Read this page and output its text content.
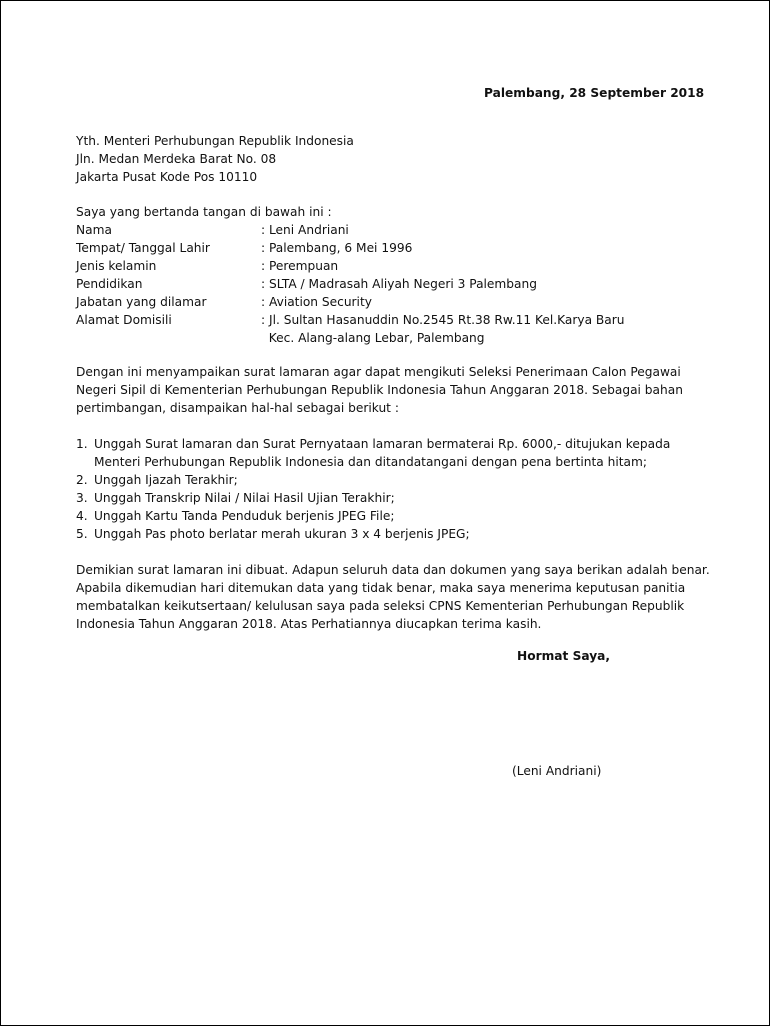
Palembang, 28 September 2018
Yth. Menteri Perhubungan Republik Indonesia
Jln. Medan Merdeka Barat No. 08
Jakarta Pusat Kode Pos 10110
Saya yang bertanda tangan di bawah ini :
Nama	: Leni Andriani
Tempat/ Tanggal Lahir	: Palembang, 6 Mei 1996
Jenis kelamin	: Perempuan
Pendidikan	: SLTA / Madrasah Aliyah Negeri 3 Palembang
Jabatan yang dilamar	: Aviation Security
Alamat Domisili	: Jl. Sultan Hasanuddin No.2545 Rt.38 Rw.11 Kel.Karya Baru
Kec. Alang-alang Lebar, Palembang
Dengan ini menyampaikan surat lamaran agar dapat mengikuti Seleksi Penerimaan Calon Pegawai Negeri Sipil di Kementerian Perhubungan Republik Indonesia Tahun Anggaran 2018. Sebagai bahan pertimbangan, disampaikan hal-hal sebagai berikut :
1. Unggah Surat lamaran dan Surat Pernyataan lamaran bermaterai Rp. 6000,- ditujukan kepada
Menteri Perhubungan Republik Indonesia dan ditandatangani dengan pena bertinta hitam;
2. Unggah Ijazah Terakhir;
3. Unggah Transkrip Nilai / Nilai Hasil Ujian Terakhir;
4. Unggah Kartu Tanda Penduduk berjenis JPEG File;
5. Unggah Pas photo berlatar merah ukuran 3 x 4 berjenis JPEG;
Demikian surat lamaran ini dibuat. Adapun seluruh data dan dokumen yang saya berikan adalah benar. Apabila dikemudian hari ditemukan data yang tidak benar, maka saya menerima keputusan panitia membatalkan keikutsertaan/ kelulusan saya pada seleksi CPNS Kementerian Perhubungan Republik Indonesia Tahun Anggaran 2018. Atas Perhatiannya diucapkan terima kasih.
Hormat Saya,
(Leni Andriani)
